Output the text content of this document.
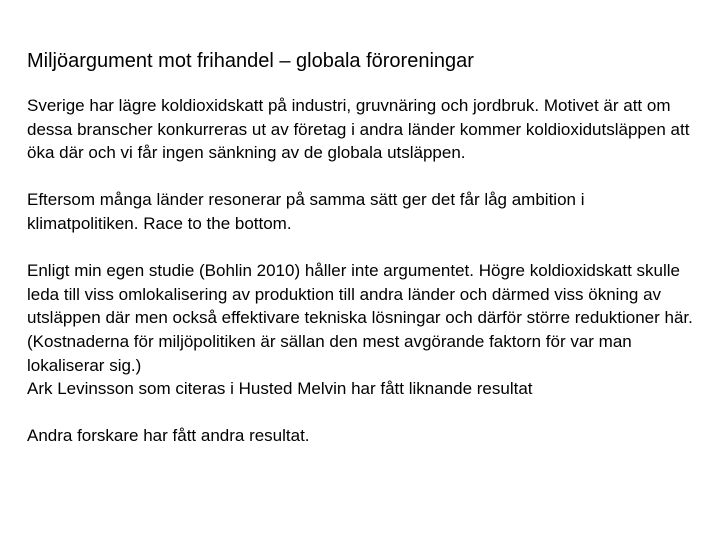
Miljöargument mot frihandel – globala föroreningar

Sverige har lägre koldioxidskatt på industri, gruvnäring och jordbruk. Motivet är att om dessa branscher konkurreras ut av företag i andra länder kommer koldioxidutsläppen att öka där och vi får ingen sänkning av de globala utsläppen.

Eftersom många länder resonerar på samma sätt ger det får låg ambition i klimatpolitiken. Race to the bottom.

Enligt min egen studie (Bohlin 2010) håller inte argumentet. Högre koldioxidskatt skulle leda till viss omlokalisering av produktion till andra länder och därmed viss ökning av utsläppen där men också effektivare tekniska lösningar och därför större reduktioner här. (Kostnaderna för miljöpolitiken är sällan den mest avgörande faktorn för var man lokaliserar sig.)

Ark Levinsson som citeras i Husted Melvin har fått liknande resultat

Andra forskare har fått andra resultat.
